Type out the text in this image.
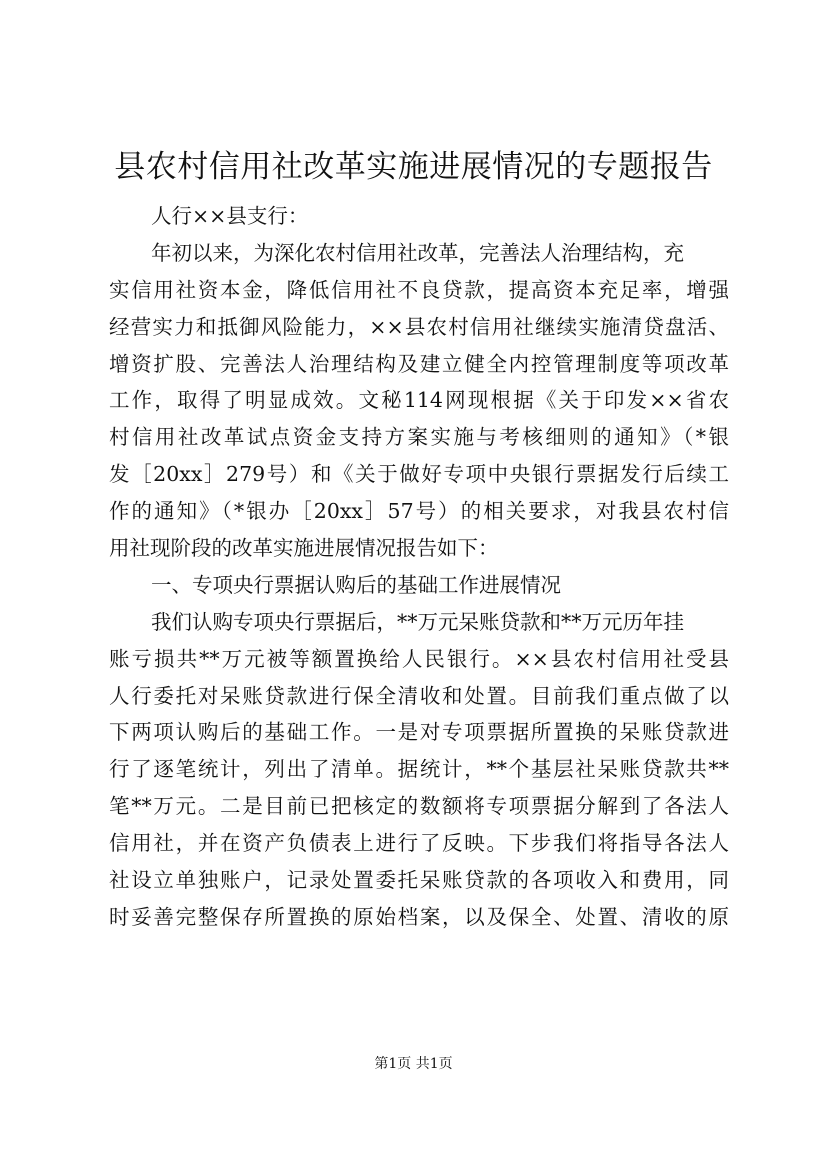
县农村信用社改革实施进展情况的专题报告
人行××县支行：
年初以来，为深化农村信用社改革，完善法人治理结构，充
实信用社资本金，降低信用社不良贷款，提高资本充足率，增强
经营实力和抵御风险能力，××县农村信用社继续实施清贷盘活、
增资扩股、完善法人治理结构及建立健全内控管理制度等项改革
工作，取得了明显成效。文秘114网现根据《关于印发××省农
村信用社改革试点资金支持方案实施与考核细则的通知》（*银
发［20xx］279号）和《关于做好专项中央银行票据发行后续工
作的通知》（*银办［20xx］57号）的相关要求，对我县农村信
用社现阶段的改革实施进展情况报告如下：
一、专项央行票据认购后的基础工作进展情况
我们认购专项央行票据后，**万元呆账贷款和**万元历年挂
账亏损共**万元被等额置换给人民银行。××县农村信用社受县
人行委托对呆账贷款进行保全清收和处置。目前我们重点做了以
下两项认购后的基础工作。一是对专项票据所置换的呆账贷款进
行了逐笔统计，列出了清单。据统计，**个基层社呆账贷款共**
笔**万元。二是目前已把核定的数额将专项票据分解到了各法人
信用社，并在资产负债表上进行了反映。下步我们将指导各法人
社设立单独账户，记录处置委托呆账贷款的各项收入和费用，同
时妥善完整保存所置换的原始档案，以及保全、处置、清收的原
第1页 共1页
